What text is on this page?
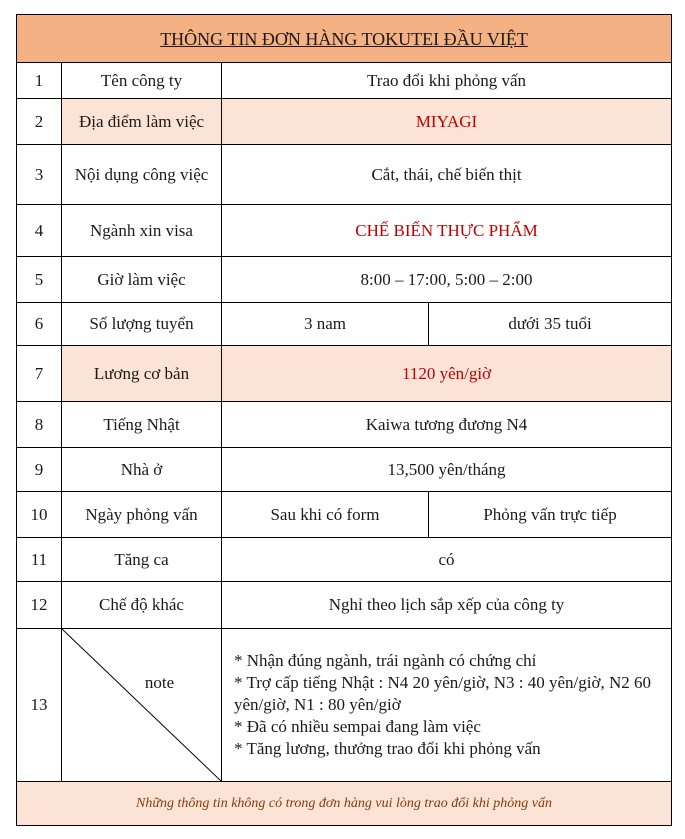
THÔNG TIN ĐƠN HÀNG TOKUTEI ĐẦU VIỆT			
1	Tên công ty	Trao đổi khi phỏng vấn	
2	Địa điểm làm việc	MIYAGI	
3	Nội dụng công việc	Cắt, thái, chế biến thịt	
4	Ngành xin visa	CHẾ BIẾN THỰC PHẨM	
5	Giờ làm việc	8:00 – 17:00, 5:00 – 2:00	
6	Số lượng tuyển	3 nam	dưới 35 tuổi
7	Lương cơ bản	1120 yên/giờ	
8	Tiếng Nhật	Kaiwa tương đương N4	
9	Nhà ở	13,500 yên/tháng	
10	Ngày phỏng vấn	Sau khi có form	Phỏng vấn trực tiếp
11	Tăng ca	có	
12	Chế độ khác	Nghỉ theo lịch sắp xếp của công ty	
13	note	* Nhận đúng ngành, trái ngành có chứng chỉ
* Trợ cấp tiếng Nhật : N4 20 yên/giờ, N3 : 40 yên/giờ, N2 60 yên/giờ, N1 : 80 yên/giờ
* Đã có nhiều sempai đang làm việc
* Tăng lương, thưởng trao đổi khi phỏng vấn	

Những thông tin không có trong đơn hàng vui lòng trao đổi khi phỏng vấn			
